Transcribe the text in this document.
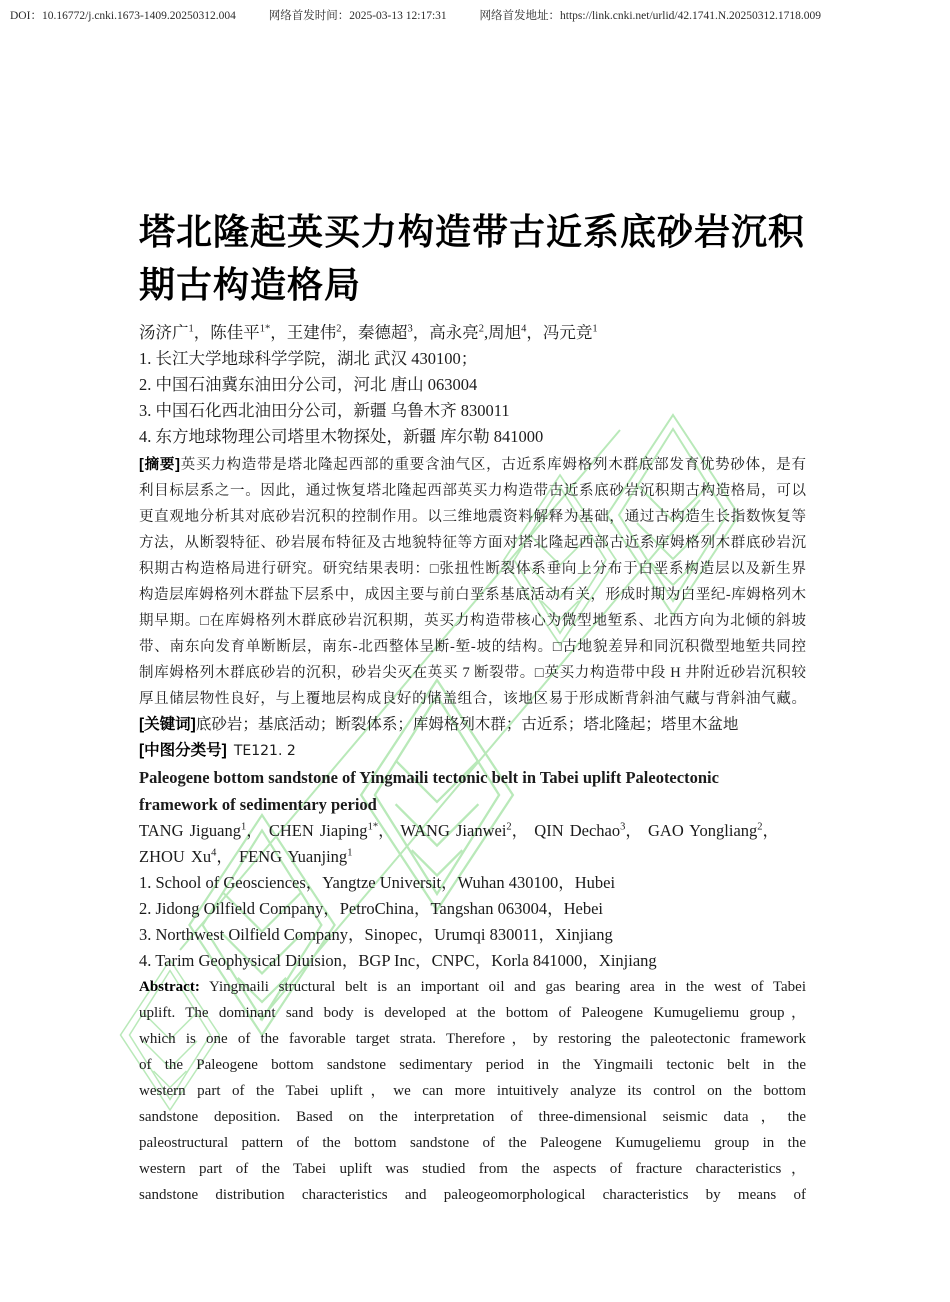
DOI：10.16772/j.cnki.1673-1409.20250312.004	网络首发时间：2025-03-13 12:17:31	网络首发地址：https://link.cnki.net/urlid/42.1741.N.20250312.1718.009
塔北隆起英买力构造带古近系底砂岩沉积
期古构造格局
汤济广$^1$，陈佳平$^{1*}$，王建伟$^2$，秦德超$^3$，高永亮$^2$,周旭$^4$，冯元竞$^1$
1. 长江大学地球科学学院，湖北 武汉 430100；
2. 中国石油冀东油田分公司，河北 唐山 063004
3. 中国石化西北油田分公司，新疆 乌鲁木齐 830011
4. 东方地球物理公司塔里木物探处，新疆 库尔勒 841000
[摘要]英买力构造带是塔北隆起西部的重要含油气区，古近系库姆格列木群底部发育优势砂体，是有
利目标层系之一。因此，通过恢复塔北隆起西部英买力构造带古近系底砂岩沉积期古构造格局，可以
更直观地分析其对底砂岩沉积的控制作用。以三维地震资料解释为基础，通过古构造生长指数恢复等
方法，从断裂特征、砂岩展布特征及古地貌特征等方面对塔北隆起西部古近系库姆格列木群底砂岩沉
积期古构造格局进行研究。研究结果表明：□张扭性断裂体系垂向上分布于白垩系构造层以及新生界
构造层库姆格列木群盐下层系中，成因主要与前白垩系基底活动有关，形成时期为白垩纪-库姆格列木
期早期。□在库姆格列木群底砂岩沉积期，英买力构造带核心为微型地堑系、北西方向为北倾的斜坡
带、南东向发育单断断层，南东-北西整体呈断-堑-坡的结构。□古地貌差异和同沉积微型地堑共同控
制库姆格列木群底砂岩的沉积，砂岩尖灭在英买 7 断裂带。□英买力构造带中段 H 井附近砂岩沉积较
厚且储层物性良好，与上覆地层构成良好的储盖组合，该地区易于形成断背斜油气藏与背斜油气藏。
[关键词]底砂岩；基底活动；断裂体系；库姆格列木群；古近系；塔北隆起；塔里木盆地
[中图分类号] TE121. 2
Paleogene bottom sandstone of Yingmaili tectonic belt in Tabei uplift Paleotectonic
framework of sedimentary period
TANG Jiguang$^1$， CHEN Jiaping$^{1*}$， WANG Jianwei$^2$， QIN Dechao$^3$， GAO Yongliang$^2$，
ZHOU Xu$^4$， FENG Yuanjing$^1$
1. School of Geosciences，Yangtze Universit，Wuhan 430100，Hubei
2. Jidong Oilfield Company，PetroChina，Tangshan 063004，Hebei
3. Northwest Oilfield Company，Sinopec，Urumqi 830011，Xinjiang
4. Tarim Geophysical Diuision，BGP Inc，CNPC，Korla 841000，Xinjiang
Abstract: Yingmaili structural belt is an important oil and gas bearing area in the west of Tabei
uplift. The dominant sand body is developed at the bottom of Paleogene Kumugeliemu group，
which is one of the favorable target strata. Therefore，by restoring the paleotectonic framework
of the Paleogene bottom sandstone sedimentary period in the Yingmaili tectonic belt in the
western part of the Tabei uplift，we can more intuitively analyze its control on the bottom
sandstone deposition. Based on the interpretation of three-dimensional seismic data，the
paleostructural pattern of the bottom sandstone of the Paleogene Kumugeliemu group in the
western part of the Tabei uplift was studied from the aspects of fracture characteristics，
sandstone distribution characteristics and paleogeomorphological characteristics by means of
